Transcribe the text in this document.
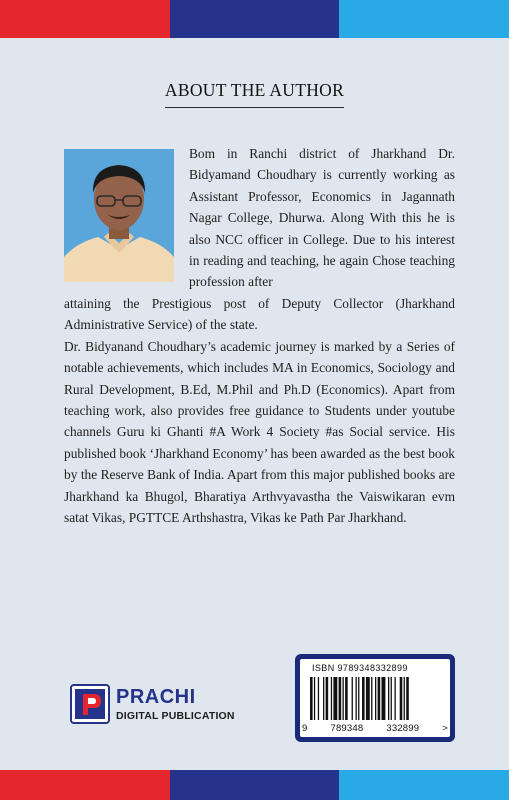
ABOUT THE AUTHOR
Bom in Ranchi district of Jharkhand Dr. Bidyamand Choudhary is currently working as Assistant Professor, Economics in Jagannath Nagar College, Dhurwa. Along With this he is also NCC officer in College. Due to his interest in reading and teaching, he again Chose teaching profession after

attaining the Prestigious post of Deputy Collector (Jharkhand Administrative Service) of the state.

Dr. Bidyanand Choudhary’s academic journey is marked by a Series of notable achievements, which includes MA in Economics, Sociology and Rural Development, B.Ed, M.Phil and Ph.D (Economics). Apart from teaching work, also provides free guidance to Students under youtube channels Guru ki Ghanti #A Work 4 Society #as Social service. His published book ‘Jharkhand Economy’ has been awarded as the best book by the Reserve Bank of India. Apart from this major published books are Jharkhand ka Bhugol, Bharatiya Arthvyavastha the Vaiswikaran evm satat Vikas, PGTTCE Arthshastra, Vikas ke Path Par Jharkhand.

PRACHI
DIGITAL PUBLICATION
ISBN 9789348332899
9 789348 332899 >
